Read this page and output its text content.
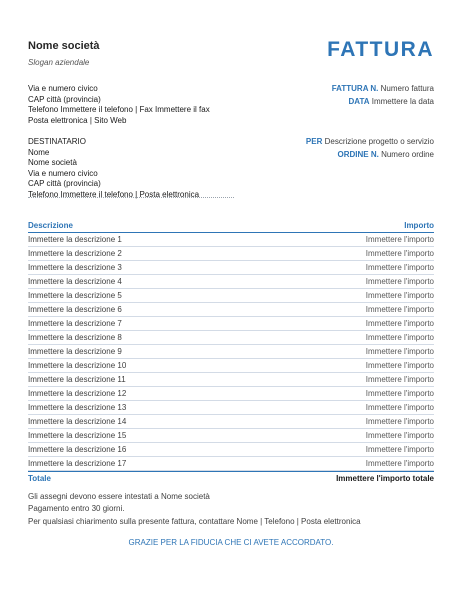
Nome società
Slogan aziendale
FATTURA
Via e numero civico
CAP città (provincia)
Telefono Immettere il telefono | Fax Immettere il fax
Posta elettronica | Sito Web
FATTURA N. Numero fattura
DATA Immettere la data
DESTINATARIO
Nome
Nome società
Via e numero civico
CAP città (provincia)
Telefono Immettere il telefono | Posta elettronica
PER Descrizione progetto o servizio
ORDINE N. Numero ordine
Descrizione	Importo
Immettere la descrizione 1	Immettere l'importo
Immettere la descrizione 2	Immettere l'importo
Immettere la descrizione 3	Immettere l'importo
Immettere la descrizione 4	Immettere l'importo
Immettere la descrizione 5	Immettere l'importo
Immettere la descrizione 6	Immettere l'importo
Immettere la descrizione 7	Immettere l'importo
Immettere la descrizione 8	Immettere l'importo
Immettere la descrizione 9	Immettere l'importo
Immettere la descrizione 10	Immettere l'importo
Immettere la descrizione 11	Immettere l'importo
Immettere la descrizione 12	Immettere l'importo
Immettere la descrizione 13	Immettere l'importo
Immettere la descrizione 14	Immettere l'importo
Immettere la descrizione 15	Immettere l'importo
Immettere la descrizione 16	Immettere l'importo
Immettere la descrizione 17	Immettere l'importo
Totale	Immettere l'importo totale
Gli assegni devono essere intestati a Nome società
Pagamento entro 30 giorni.
Per qualsiasi chiarimento sulla presente fattura, contattare Nome | Telefono | Posta elettronica
GRAZIE PER LA FIDUCIA CHE CI AVETE ACCORDATO.
